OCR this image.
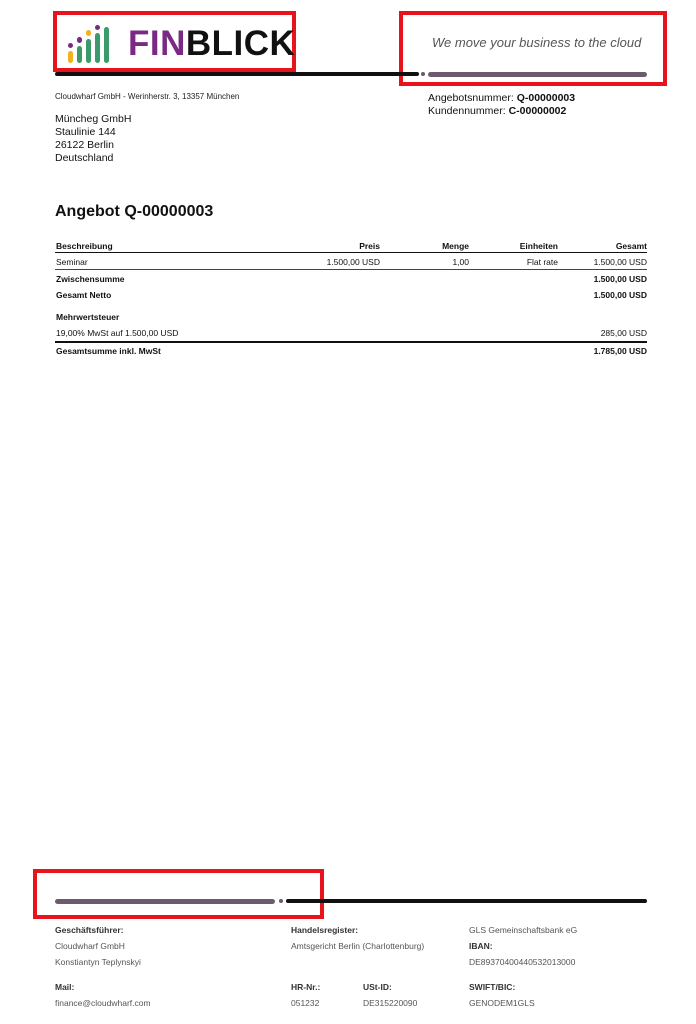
FINBLICK	We move your business to the cloud
Cloudwharf GmbH - Werinherstr. 3, 13357 München
Müncheg GmbH
Staulinie 144
26122 Berlin
Deutschland
Angebotsnummer: Q-00000003
Kundennummer: C-00000002
Angebot Q-00000003
Beschreibung	Preis	Menge	Einheiten	Gesamt
Seminar	1.500,00 USD	1,00	Flat rate	1.500,00 USD
Zwischensumme	1.500,00 USD
Gesamt Netto	1.500,00 USD
Mehrwertsteuer
19,00% MwSt auf 1.500,00 USD	285,00 USD
Gesamtsumme inkl. MwSt	1.785,00 USD
Geschäftsführer:
Cloudwharf GmbH
Konstiantyn Teplynskyi
Handelsregister:
Amtsgericht Berlin (Charlottenburg)
GLS Gemeinschaftsbank eG
IBAN:
DE89370400440532013000
Mail:
finance@cloudwharf.com
HR-Nr.:
051232
USt-ID:
DE315220090
SWIFT/BIC:
GENODEM1GLS
